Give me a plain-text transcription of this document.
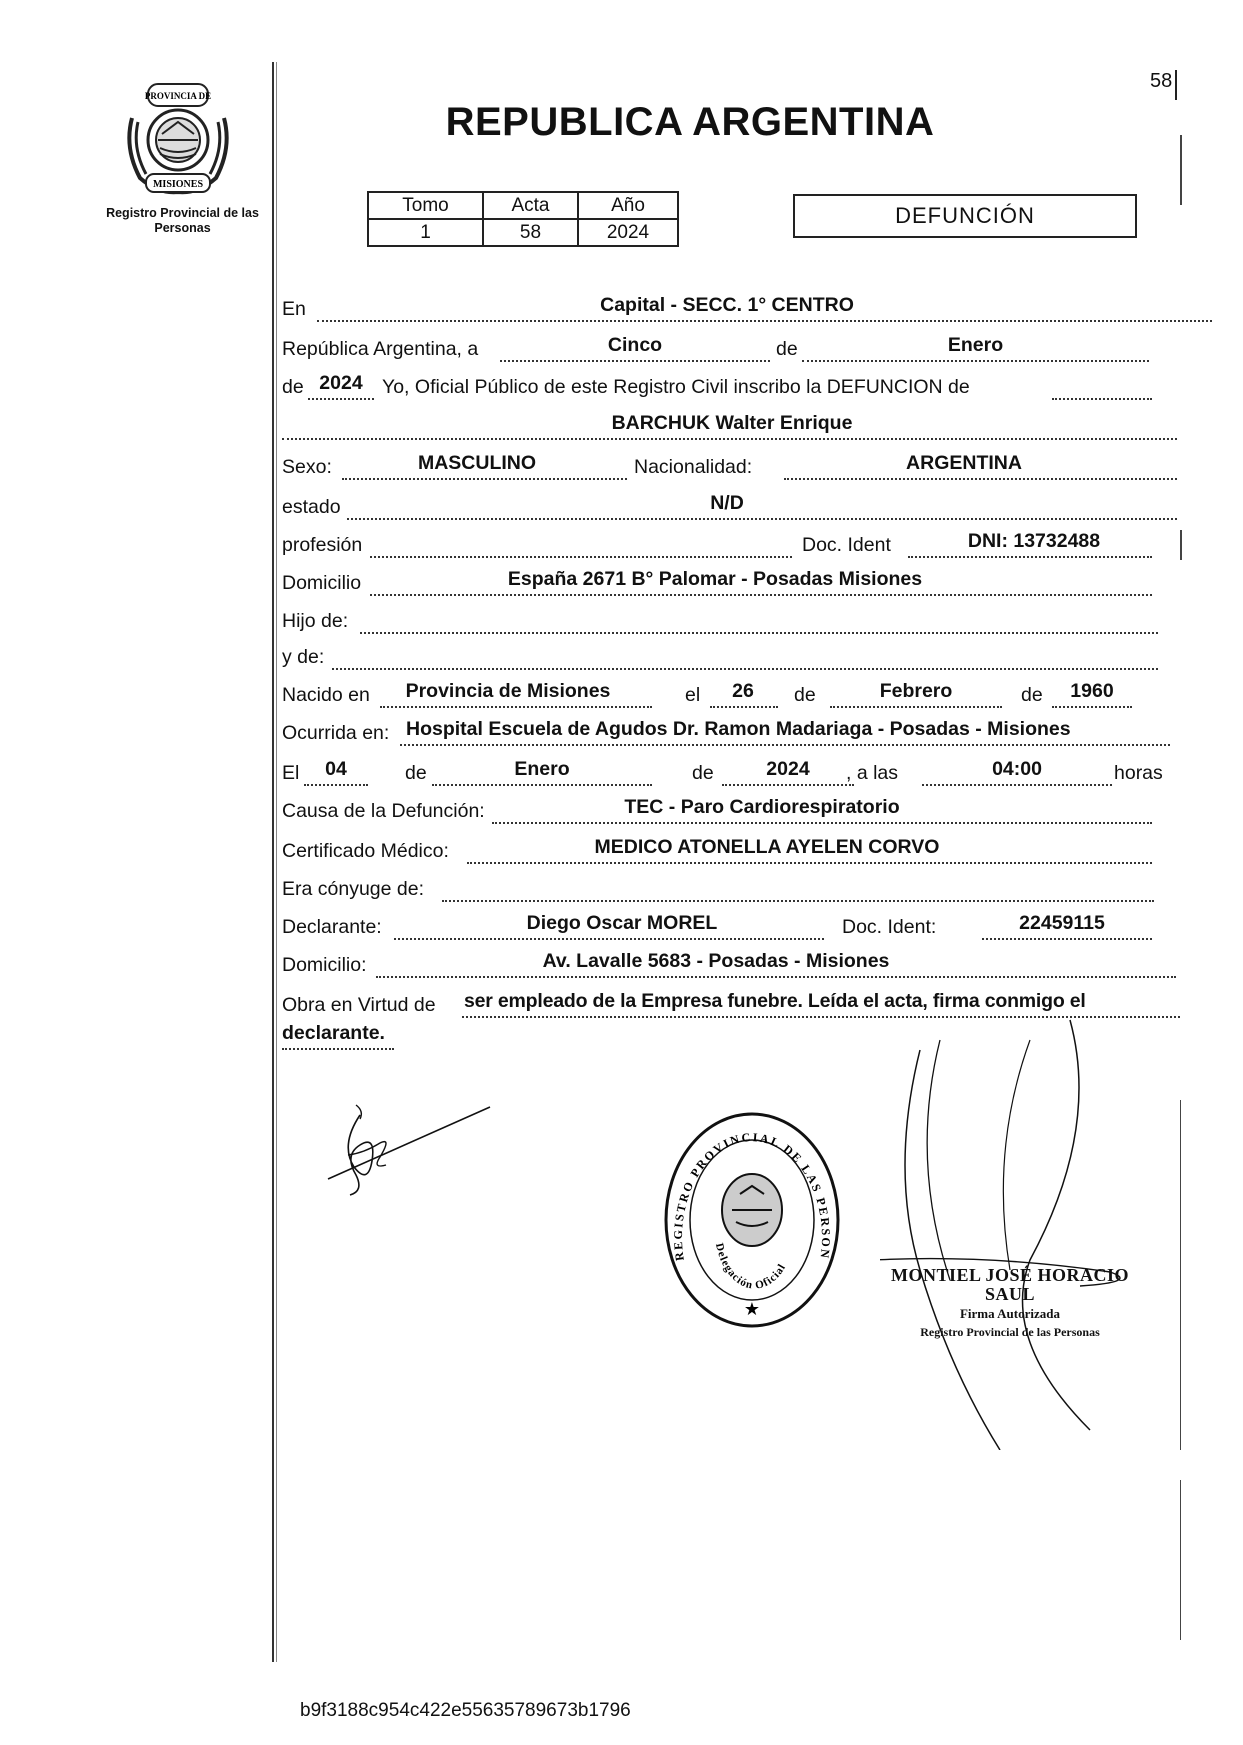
58
PROVINCIA DE
MISIONES
Registro Provincial de las Personas
REPUBLICA ARGENTINA
Tomo	Acta	Año
1	58	2024
DEFUNCIÓN
En	Capital - SECC. 1° CENTRO
República Argentina, a	Cinco	de	Enero
de 2024 Yo, Oficial Público de este Registro Civil inscribo la DEFUNCION de
BARCHUK Walter Enrique
Sexo:	MASCULINO	Nacionalidad:	ARGENTINA
estado	N/D
profesión	Doc. Ident	DNI: 13732488
Domicilio	España 2671 B° Palomar - Posadas Misiones
Hijo de:
y de:
Nacido en	Provincia de Misiones	el	26	de	Febrero	de	1960
Ocurrida en: Hospital Escuela de Agudos Dr. Ramon Madariaga - Posadas - Misiones
El	04	de	Enero	de	2024	, a las	04:00	horas
Causa de la Defunción:	TEC - Paro Cardiorespiratorio
Certificado Médico:	MEDICO ATONELLA AYELEN CORVO
Era cónyuge de:
Declarante:	Diego Oscar MOREL	Doc. Ident:	22459115
Domicilio:	Av. Lavalle 5683 - Posadas - Misiones
Obra en Virtud de ser empleado de la Empresa funebre. Leída el acta, firma conmigo el
declarante.
REGISTRO PROVINCIAL DE LAS PERSON
Delegación Oficial
★
MONTIEL JOSÉ HORACIO SAUL
Firma Autorizada
Registro Provincial de las Personas
b9f3188c954c422e55635789673b1796
